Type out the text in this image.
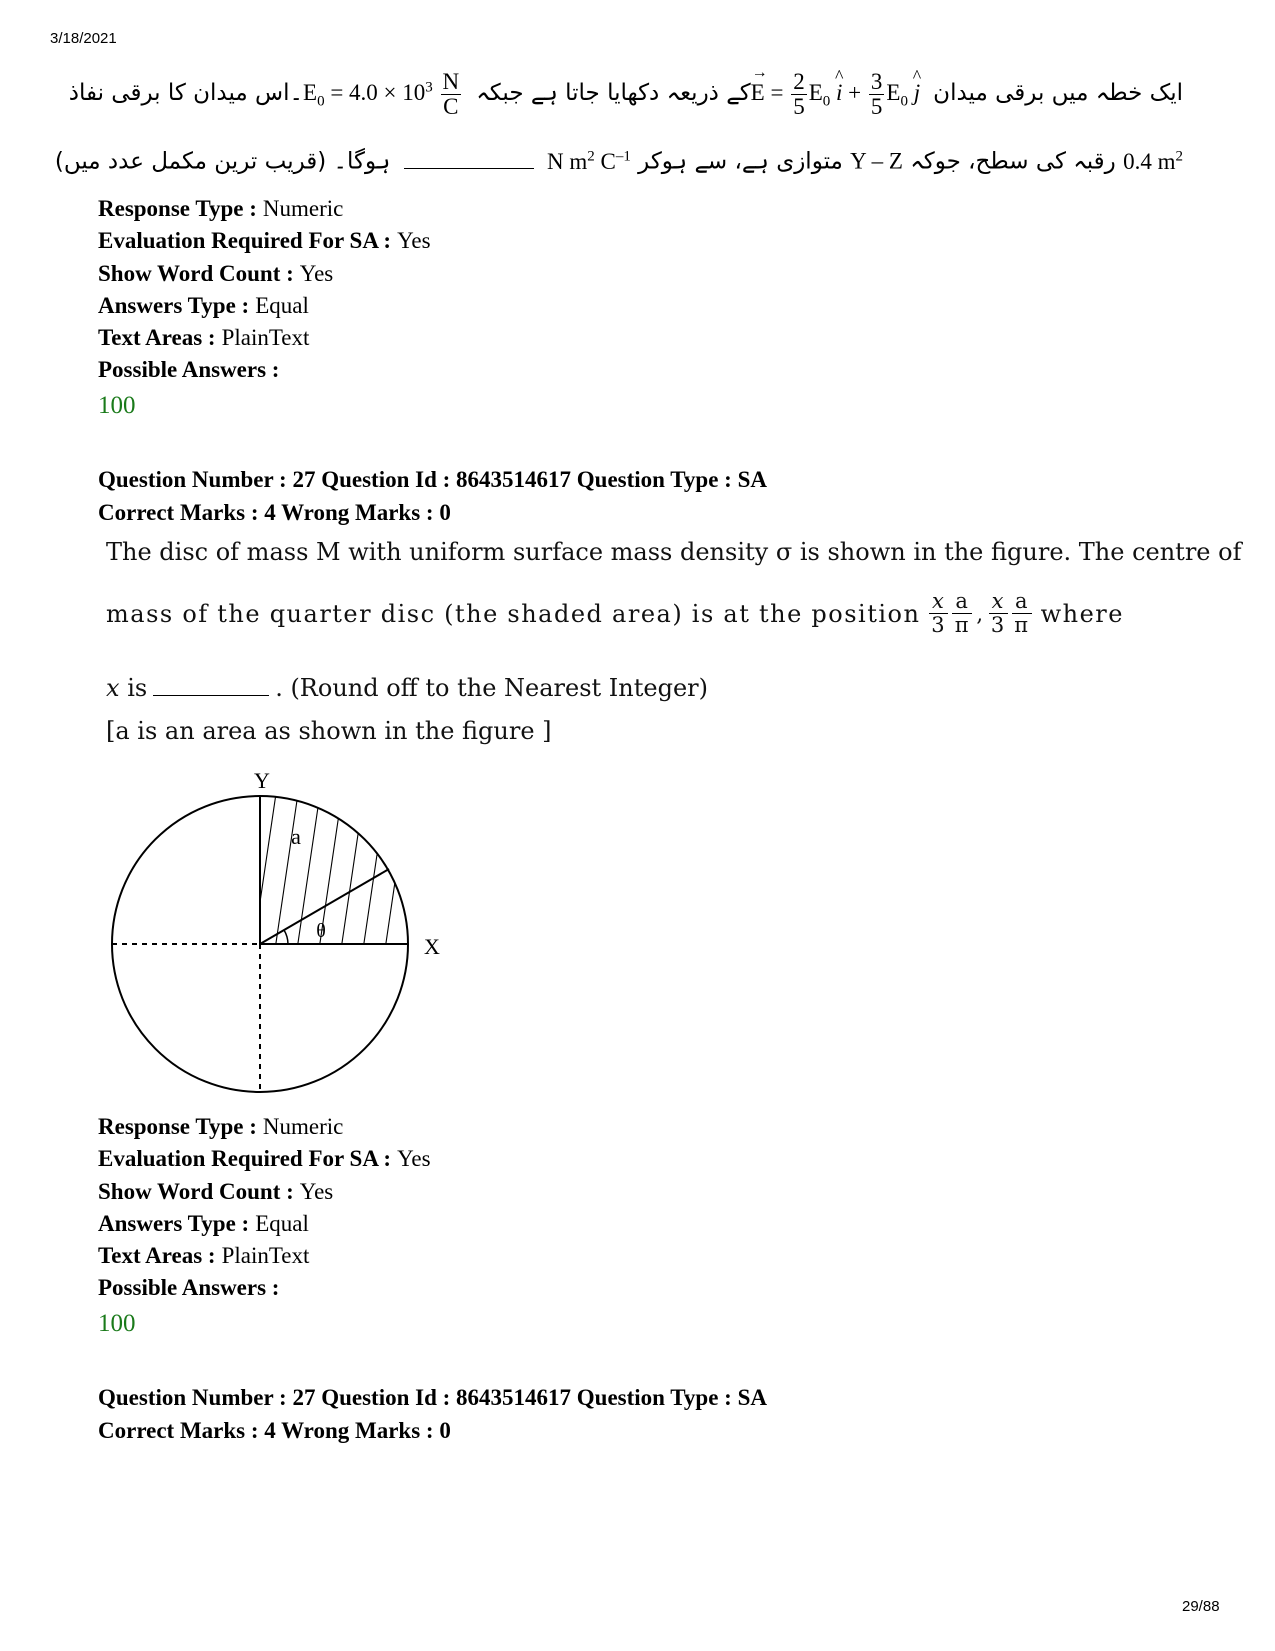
3/18/2021
ایک خطہ میں برقی میدان → $E = \frac{2}{5} E_0$ ^ $i + \frac{3}{5} E_0$ ^ j کے ذریعہ دکھایا جاتا ہے جبکہ $E_0 = 4.0 \times 10^3 \frac{N}{C}$
۔اس میدان کا برقی نفاذ
0.4 $m^2$ رقبہ کی سطح، جوکہ Y – Z متوازی ہے، سے ہوکر N $m^2$ $C^{-1}$  ہوگا۔ (قریب ترین مکمل عدد میں)
Response Type : Numeric
Evaluation Required For SA : Yes
Show Word Count : Yes
Answers Type : Equal
Text Areas : PlainText
Possible Answers :
100
Question Number : 27 Question Id : 8643514617 Question Type : SA
Correct Marks : 4 Wrong Marks : 0
The disc of mass M with uniform surface mass density σ is shown in the figure. The centre of
mass of the quarter disc (the shaded area) is at the position x
3
a
π ,
x
3
a
π where
x is	. (Round off to the Nearest Integer)
[a is an area as shown in the figure ]
Y
X
a
θ
Response Type : Numeric
Evaluation Required For SA : Yes
Show Word Count : Yes
Answers Type : Equal
Text Areas : PlainText
Possible Answers :
100
Question Number : 27 Question Id : 8643514617 Question Type : SA
Correct Marks : 4 Wrong Marks : 0
29/88
